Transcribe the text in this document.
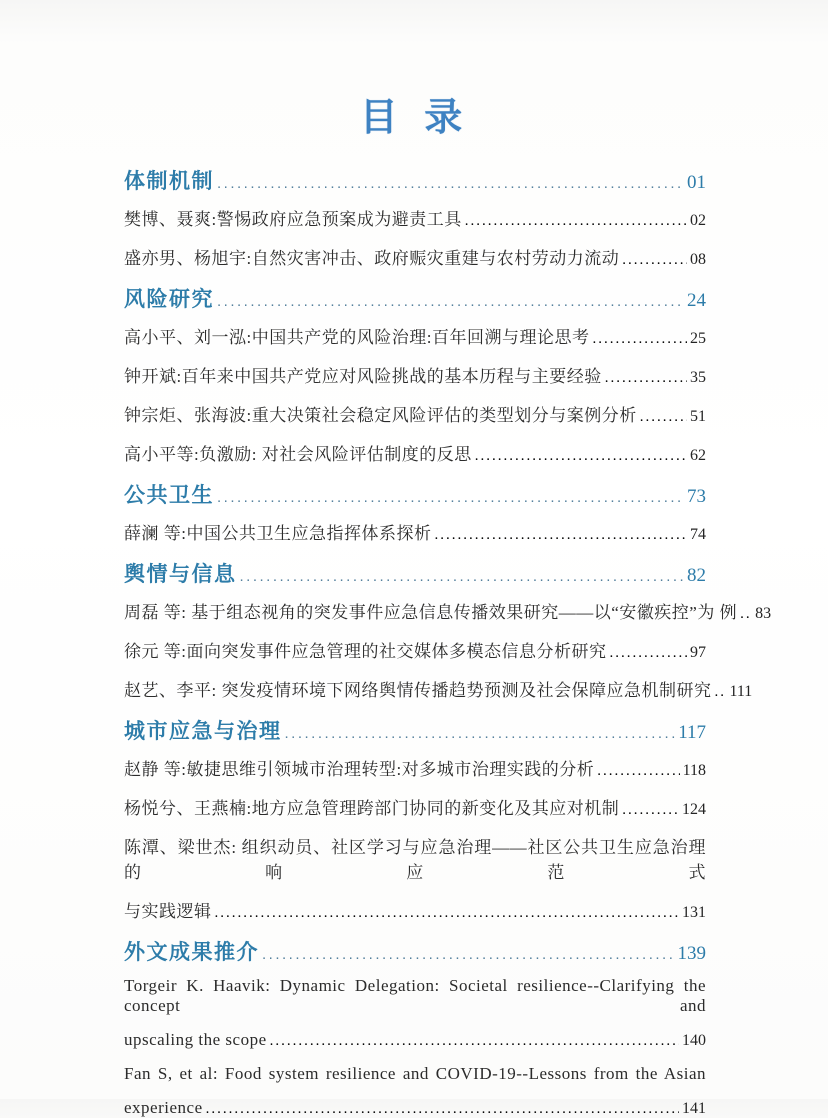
目 录
体制机制 .....	01
樊博、聂爽:警惕政府应急预案成为避责工具 .....	02
盛亦男、杨旭宇:自然灾害冲击、政府赈灾重建与农村劳动力流动 .....	08
风险研究 .....	24
高小平、刘一泓:中国共产党的风险治理:百年回溯与理论思考 .....	25
钟开斌:百年来中国共产党应对风险挑战的基本历程与主要经验 .....	35
钟宗炬、张海波:重大决策社会稳定风险评估的类型划分与案例分析 .....	51
高小平等:负激励: 对社会风险评估制度的反思 .....	62
公共卫生 .....	73
薛澜 等:中国公共卫生应急指挥体系探析 .....	74
舆情与信息 .....	82
周磊 等: 基于组态视角的突发事件应急信息传播效果研究——以“安徽疾控”为 例 ..... 83
徐元 等:面向突发事件应急管理的社交媒体多模态信息分析研究 .....	97
赵艺、李平: 突发疫情环境下网络舆情传播趋势预测及社会保障应急机制研究 ..... 111
城市应急与治理 .....	117
赵静 等:敏捷思维引领城市治理转型:对多城市治理实践的分析 .....	118
杨悦兮、王燕楠:地方应急管理跨部门协同的新变化及其应对机制 .....	124
陈潭、梁世杰: 组织动员、社区学习与应急治理——社区公共卫生应急治理的响应范式
与实践逻辑 .....	131
外文成果推介 .....	139
Torgeir K. Haavik: Dynamic Delegation: Societal resilience--Clarifying the concept and
upscaling the scope .....	140
Fan S, et al: Food system resilience and COVID-19--Lessons from the Asian
experience .....	141
